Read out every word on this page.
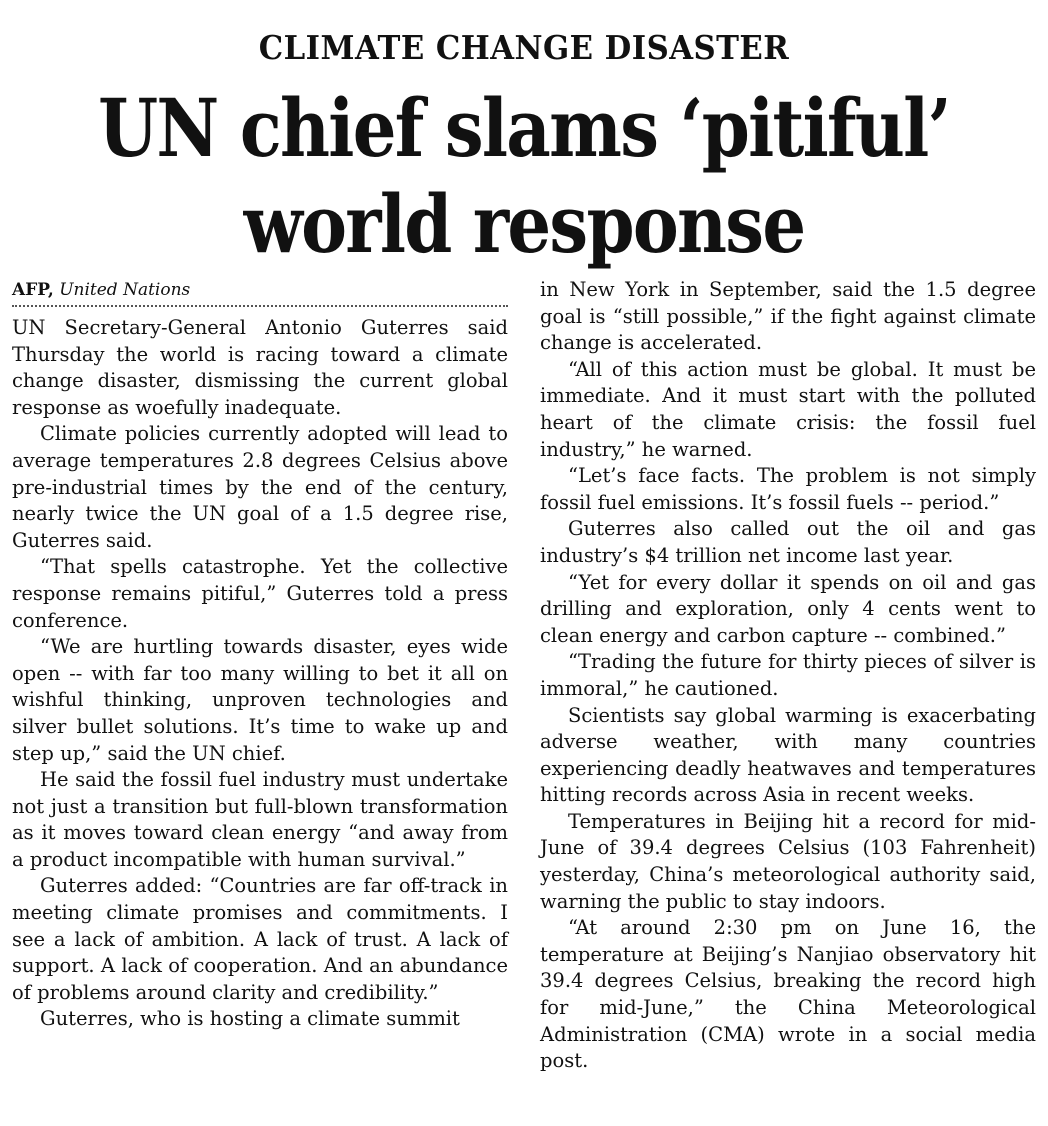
CLIMATE CHANGE DISASTER
UN chief slams ‘pitiful’
world response
AFP, United Nations

UN Secretary-General Antonio Guterres said Thursday the world is racing toward a climate change disaster, dismissing the current global response as woefully inadequate.

Climate policies currently adopted will lead to average temperatures 2.8 degrees Celsius above pre-industrial times by the end of the century, nearly twice the UN goal of a 1.5 degree rise, Guterres said.

“That spells catastrophe. Yet the collective response remains pitiful,” Guterres told a press conference.

“We are hurtling towards disaster, eyes wide open -- with far too many willing to bet it all on wishful thinking, unproven technologies and silver bullet solutions. It’s time to wake up and step up,” said the UN chief.

He said the fossil fuel industry must undertake not just a transition but full-blown transformation as it moves toward clean energy “and away from a product incompatible with human survival.”

Guterres added: “Countries are far off-track in meeting climate promises and commitments. I see a lack of ambition. A lack of trust. A lack of support. A lack of cooperation. And an abundance of problems around clarity and credibility.”

Guterres, who is hosting a climate summit

in New York in September, said the 1.5 degree goal is “still possible,” if the fight against climate change is accelerated.

“All of this action must be global. It must be immediate. And it must start with the polluted heart of the climate crisis: the fossil fuel industry,” he warned.

“Let’s face facts. The problem is not simply fossil fuel emissions. It’s fossil fuels -- period.”

Guterres also called out the oil and gas industry’s $4 trillion net income last year.

“Yet for every dollar it spends on oil and gas drilling and exploration, only 4 cents went to clean energy and carbon capture -- combined.”

“Trading the future for thirty pieces of silver is immoral,” he cautioned.

Scientists say global warming is exacerbating adverse weather, with many countries experiencing deadly heatwaves and temperatures hitting records across Asia in recent weeks.

Temperatures in Beijing hit a record for mid-June of 39.4 degrees Celsius (103 Fahrenheit) yesterday, China’s meteorological authority said, warning the public to stay indoors.

“At around 2:30 pm on June 16, the temperature at Beijing’s Nanjiao observatory hit 39.4 degrees Celsius, breaking the record high for mid-June,” the China Meteorological Administration (CMA) wrote in a social media post.
